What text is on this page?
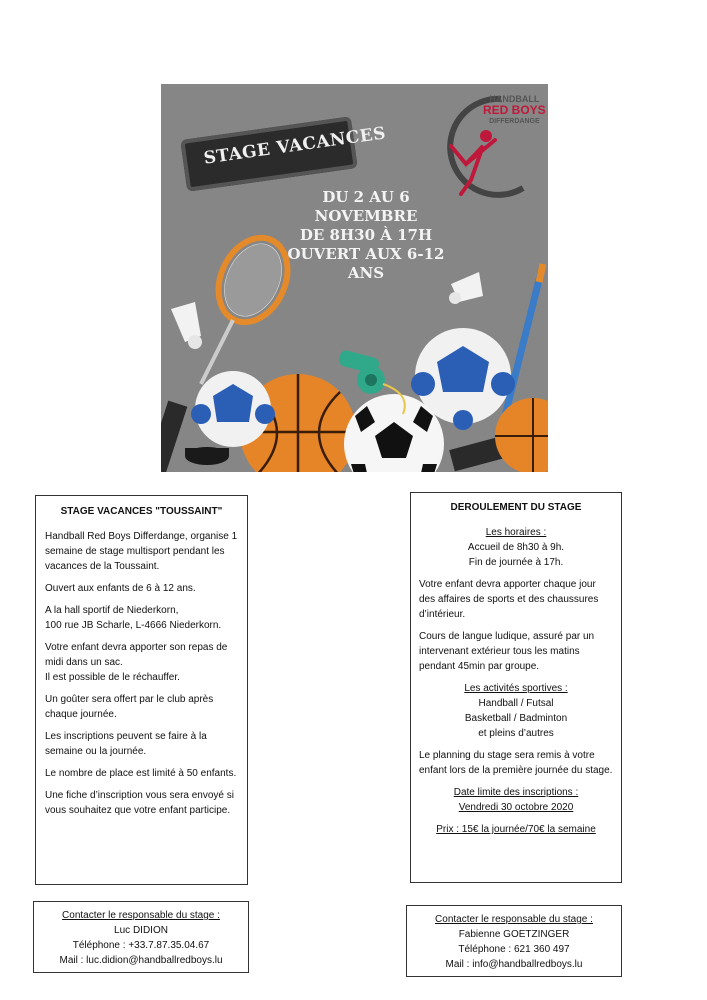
STAGE VACANCES
DU 2 AU 6 NOVEMBRE
DE 8H30 À 17H
OUVERT AUX 6-12 ANS
HANDBALL
RED BOYS
DIFFERDANGE

STAGE VACANCES "TOUSSAINT"

Handball Red Boys Differdange, organise 1 semaine de stage multisport pendant les vacances de la Toussaint.

Ouvert aux enfants de 6 à 12 ans.

A la hall sportif de Niederkorn,
100 rue JB Scharle, L-4666 Niederkorn.

Votre enfant devra apporter son repas de midi dans un sac.
Il est possible de le réchauffer.

Un goûter sera offert par le club après chaque journée.

Les inscriptions peuvent se faire à la semaine ou la journée.

Le nombre de place est limité à 50 enfants.

Une fiche d’inscription vous sera envoyé si vous souhaitez que votre enfant participe.

DEROULEMENT DU STAGE

Les horaires :
Accueil de 8h30 à 9h.
Fin de journée à 17h.

Votre enfant devra apporter chaque jour des affaires de sports et des chaussures d’intérieur.

Cours de langue ludique, assuré par un intervenant extérieur tous les matins pendant 45min par groupe.

Les activités sportives :
Handball / Futsal
Basketball / Badminton
et pleins d’autres

Le planning du stage sera remis à votre enfant lors de la première journée du stage.

Date limite des inscriptions :
Vendredi 30 octobre 2020

Prix : 15€ la journée/70€ la semaine

Contacter le responsable du stage :
Luc DIDION
Téléphone : +33.7.87.35.04.67
Mail : luc.didion@handballredboys.lu
Contacter le responsable du stage :
Fabienne GOETZINGER
Téléphone : 621 360 497
Mail : info@handballredboys.lu
